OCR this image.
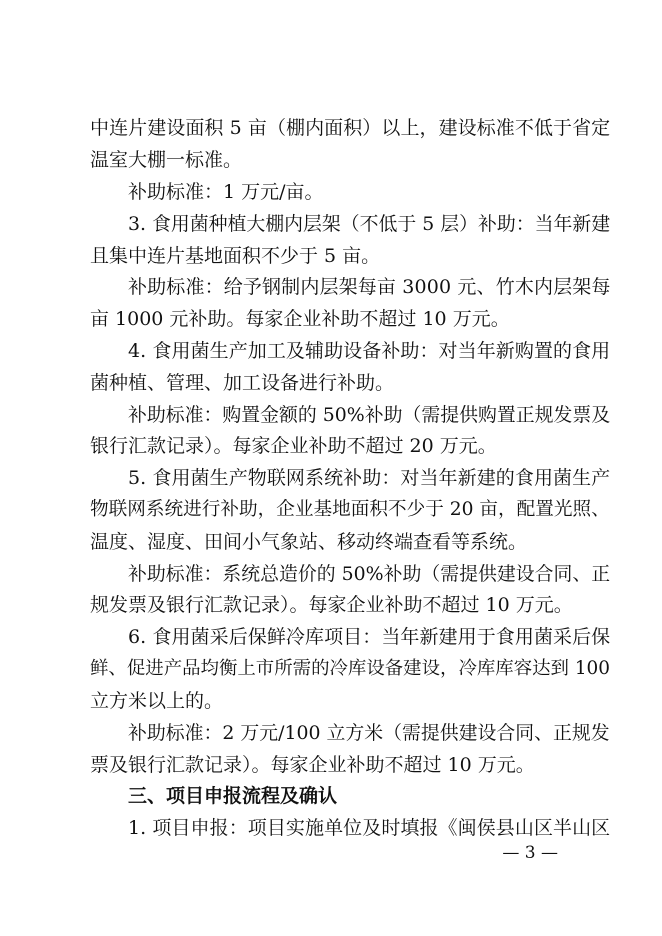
中连片建设面积 5 亩（棚内面积）以上，建设标准不低于省定
温室大棚一标准。
补助标准：1 万元/亩。
3. 食用菌种植大棚内层架（不低于 5 层）补助：当年新建
且集中连片基地面积不少于 5 亩。
补助标准：给予钢制内层架每亩 3000 元、竹木内层架每
亩 1000 元补助。每家企业补助不超过 10 万元。
4. 食用菌生产加工及辅助设备补助：对当年新购置的食用
菌种植、管理、加工设备进行补助。
补助标准：购置金额的 50%补助（需提供购置正规发票及
银行汇款记录）。每家企业补助不超过 20 万元。
5. 食用菌生产物联网系统补助：对当年新建的食用菌生产
物联网系统进行补助，企业基地面积不少于 20 亩，配置光照、
温度、湿度、田间小气象站、移动终端查看等系统。
补助标准：系统总造价的 50%补助（需提供建设合同、正
规发票及银行汇款记录）。每家企业补助不超过 10 万元。
6. 食用菌采后保鲜冷库项目：当年新建用于食用菌采后保
鲜、促进产品均衡上市所需的冷库设备建设，冷库库容达到 100
立方米以上的。
补助标准：2 万元/100 立方米（需提供建设合同、正规发
票及银行汇款记录）。每家企业补助不超过 10 万元。
三、项目申报流程及确认
1. 项目申报：项目实施单位及时填报《闽侯县山区半山区
— 3 —
